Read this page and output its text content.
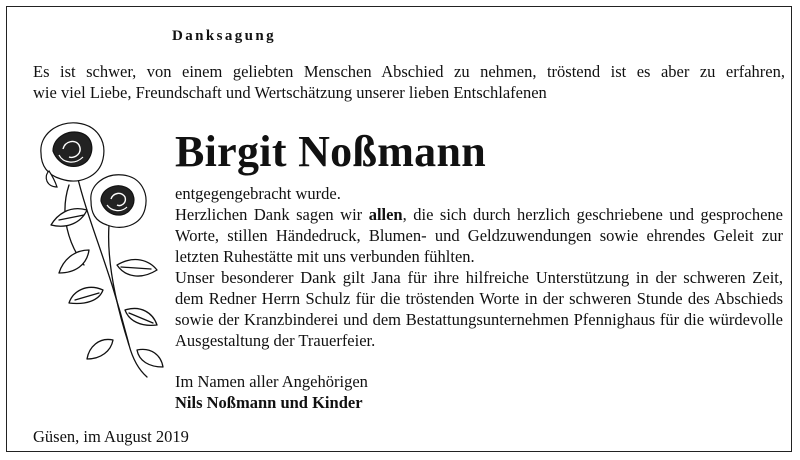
Danksagung
Es ist schwer, von einem geliebten Menschen Abschied zu nehmen, tröstend ist es aber zu erfahren,
wie viel Liebe, Freundschaft und Wertschätzung unserer lieben Entschlafenen
Birgit Noßmann

entgegengebracht wurde.

Herzlichen Dank sagen wir allen, die sich durch herzlich geschriebene und gesprochene Worte, stillen Händedruck, Blumen- und Geldzuwendungen sowie ehrendes Geleit zur letzten Ruhestätte mit uns verbunden fühlten.

Unser besonderer Dank gilt Jana für ihre hilfreiche Unterstützung in der schweren Zeit, dem Redner Herrn Schulz für die tröstenden Worte in der schweren Stunde des Abschieds sowie der Kranzbinderei und dem Bestattungsunternehmen Pfennighaus für die würdevolle Ausgestaltung der Trauerfeier.

Im Namen aller Angehörigen
Nils Noßmann und Kinder
Güsen, im August 2019
